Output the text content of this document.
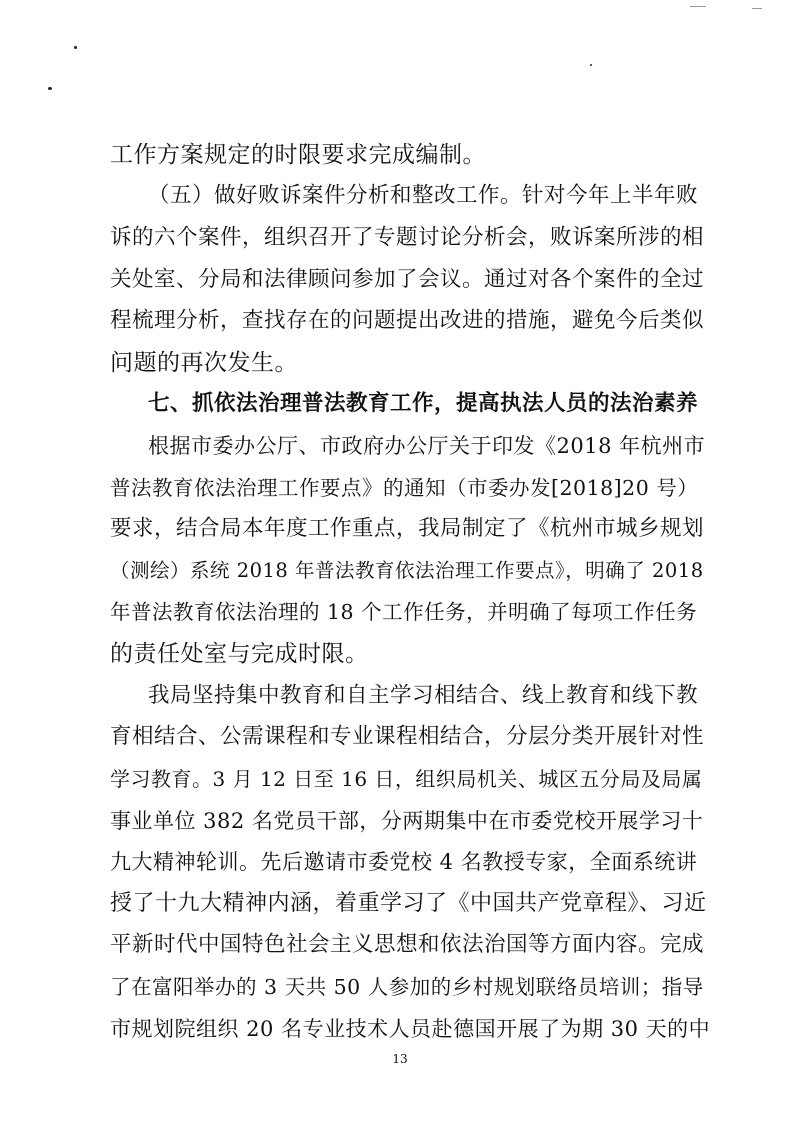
工作方案规定的时限要求完成编制。
（五）做好败诉案件分析和整改工作。针对今年上半年败
诉的六个案件，组织召开了专题讨论分析会，败诉案所涉的相
关处室、分局和法律顾问参加了会议。通过对各个案件的全过
程梳理分析，查找存在的问题提出改进的措施，避免今后类似
问题的再次发生。
七、抓依法治理普法教育工作，提高执法人员的法治素养
根据市委办公厅、市政府办公厅关于印发《2018 年杭州市
普法教育依法治理工作要点》的通知（市委办发[2018]20 号）
要求，结合局本年度工作重点，我局制定了《杭州市城乡规划
（测绘）系统 2018 年普法教育依法治理工作要点》，明确了 2018
年普法教育依法治理的 18 个工作任务，并明确了每项工作任务
的责任处室与完成时限。
我局坚持集中教育和自主学习相结合、线上教育和线下教
育相结合、公需课程和专业课程相结合，分层分类开展针对性
学习教育。3 月 12 日至 16 日，组织局机关、城区五分局及局属
事业单位 382 名党员干部，分两期集中在市委党校开展学习十
九大精神轮训。先后邀请市委党校 4 名教授专家，全面系统讲
授了十九大精神内涵，着重学习了《中国共产党章程》、习近
平新时代中国特色社会主义思想和依法治国等方面内容。完成
了在富阳举办的 3 天共 50 人参加的乡村规划联络员培训；指导
市规划院组织 20 名专业技术人员赴德国开展了为期 30 天的中
13
